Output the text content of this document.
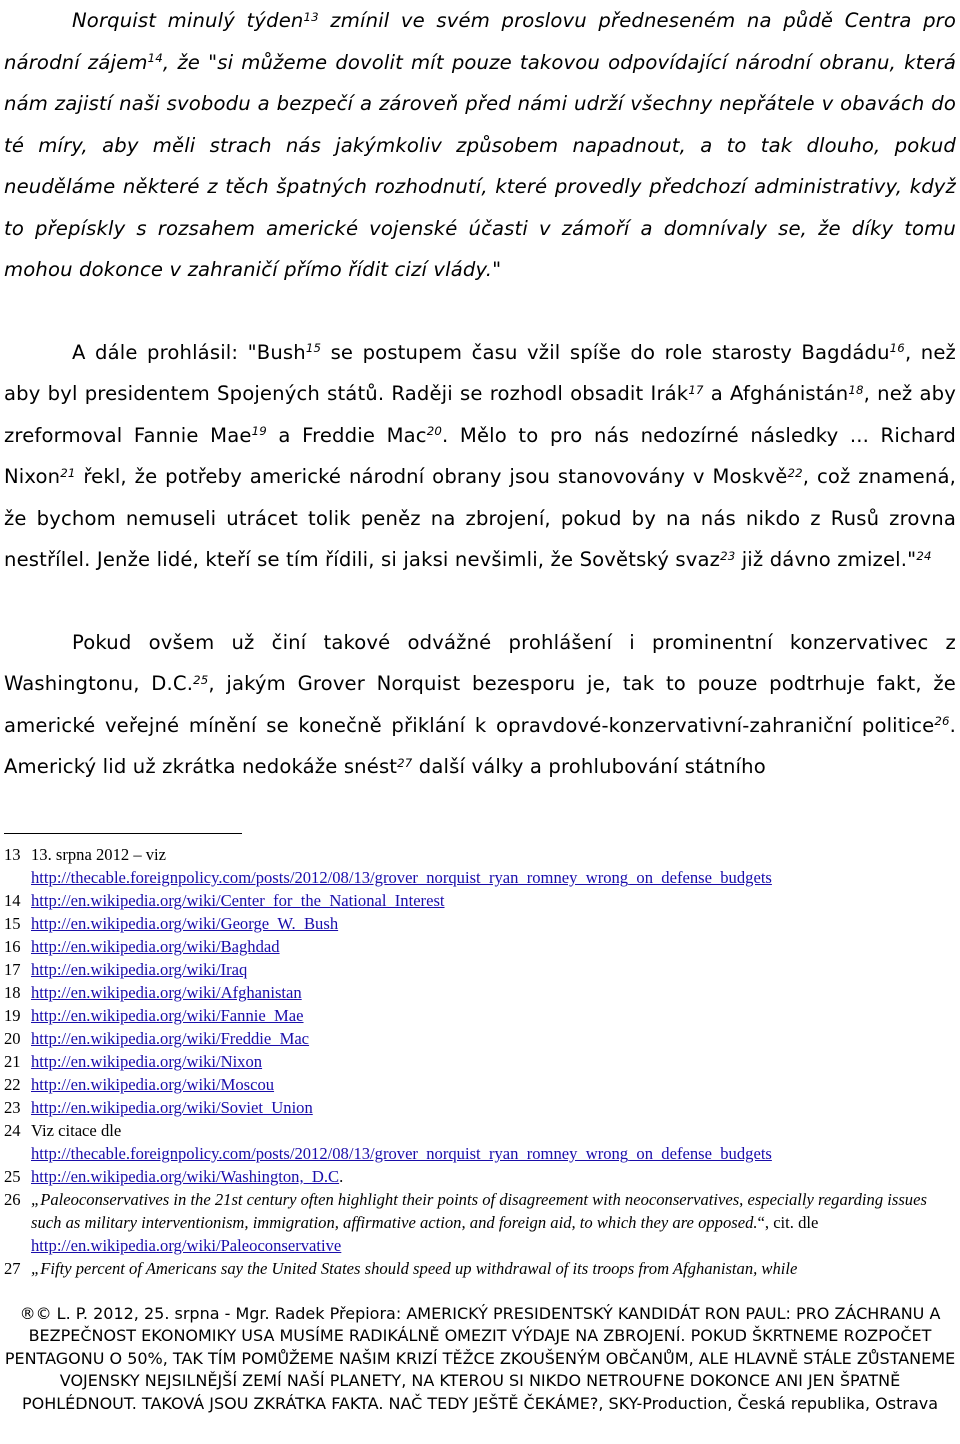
Norquist minulý týden$^{13}$ zmínil ve svém proslovu předneseném na půdě Centra pro národní zájem$^{14}$, že "si můžeme dovolit mít pouze takovou odpovídající národní obranu, která nám zajistí naši svobodu a bezpečí a zároveň před námi udrží všechny nepřátele v obavách do té míry, aby měli strach nás jakýmkoliv způsobem napadnout, a to tak dlouho, pokud neuděláme některé z těch špatných rozhodnutí, které provedly předchozí administrativy, když to přepískly s rozsahem americké vojenské účasti v zámoří a domnívaly se, že díky tomu mohou dokonce v zahraničí přímo řídit cizí vlády."

A dále prohlásil: "Bush$^{15}$ se postupem času vžil spíše do role starosty Bagdádu$^{16}$, než aby byl presidentem Spojených států. Raději se rozhodl obsadit Irák$^{17}$ a Afghánistán$^{18}$, než aby zreformoval Fannie Mae$^{19}$ a Freddie Mac$^{20}$. Mělo to pro nás nedozírné následky ... Richard Nixon$^{21}$ řekl, že potřeby americké národní obrany jsou stanovovány v Moskvě$^{22}$, což znamená, že bychom nemuseli utrácet tolik peněz na zbrojení, pokud by na nás nikdo z Rusů zrovna nestřílel. Jenže lidé, kteří se tím řídili, si jaksi nevšimli, že Sovětský svaz$^{23}$ již dávno zmizel."$^{24}$

Pokud ovšem už činí takové odvážné prohlášení i prominentní konzervativec z Washingtonu, D.C.$^{25}$, jakým Grover Norquist bezesporu je, tak to pouze podtrhuje fakt, že americké veřejné mínění se konečně přiklání k opravdové-konzervativní-zahraniční politice$^{26}$. Americký lid už zkrátka nedokáže snést$^{27}$ další války a prohlubování státního

13 13. srpna 2012 – viz
http://thecable.foreignpolicy.com/posts/2012/08/13/grover_norquist_ryan_romney_wrong_on_defense_budgets
14 http://en.wikipedia.org/wiki/Center_for_the_National_Interest
15 http://en.wikipedia.org/wiki/George_W._Bush
16 http://en.wikipedia.org/wiki/Baghdad
17 http://en.wikipedia.org/wiki/Iraq
18 http://en.wikipedia.org/wiki/Afghanistan
19 http://en.wikipedia.org/wiki/Fannie_Mae
20 http://en.wikipedia.org/wiki/Freddie_Mac
21 http://en.wikipedia.org/wiki/Nixon
22 http://en.wikipedia.org/wiki/Moscou
23 http://en.wikipedia.org/wiki/Soviet_Union
24 Viz citace dle
http://thecable.foreignpolicy.com/posts/2012/08/13/grover_norquist_ryan_romney_wrong_on_defense_budgets
25 http://en.wikipedia.org/wiki/Washington,_D.C.
26 „Paleoconservatives in the 21st century often highlight their points of disagreement with neoconservatives, especially regarding issues such as military interventionism, immigration, affirmative action, and foreign aid, to which they are opposed.“, cit. dle http://en.wikipedia.org/wiki/Paleoconservative
27 „Fifty percent of Americans say the United States should speed up withdrawal of its troops from Afghanistan, while
®© L. P. 2012, 25. srpna - Mgr. Radek Přepiora: AMERICKÝ PRESIDENTSKÝ KANDIDÁT RON PAUL: PRO ZÁCHRANU A BEZPEČNOST EKONOMIKY USA MUSÍME RADIKÁLNĚ OMEZIT VÝDAJE NA ZBROJENÍ. POKUD ŠKRTNEME ROZPOČET PENTAGONU O 50%, TAK TÍM POMŮŽEME NAŠIM KRIZÍ TĚŽCE ZKOUŠENÝM OBČANŮM, ALE HLAVNĚ STÁLE ZŮSTANEME VOJENSKY NEJSILNĚJŠÍ ZEMÍ NAŠÍ PLANETY, NA KTEROU SI NIKDO NETROUFNE DOKONCE ANI JEN ŠPATNĚ POHLÉDNOUT. TAKOVÁ JSOU ZKRÁTKA FAKTA. NAČ TEDY JEŠTĚ ČEKÁME?, SKY-Production, Česká republika, Ostrava
